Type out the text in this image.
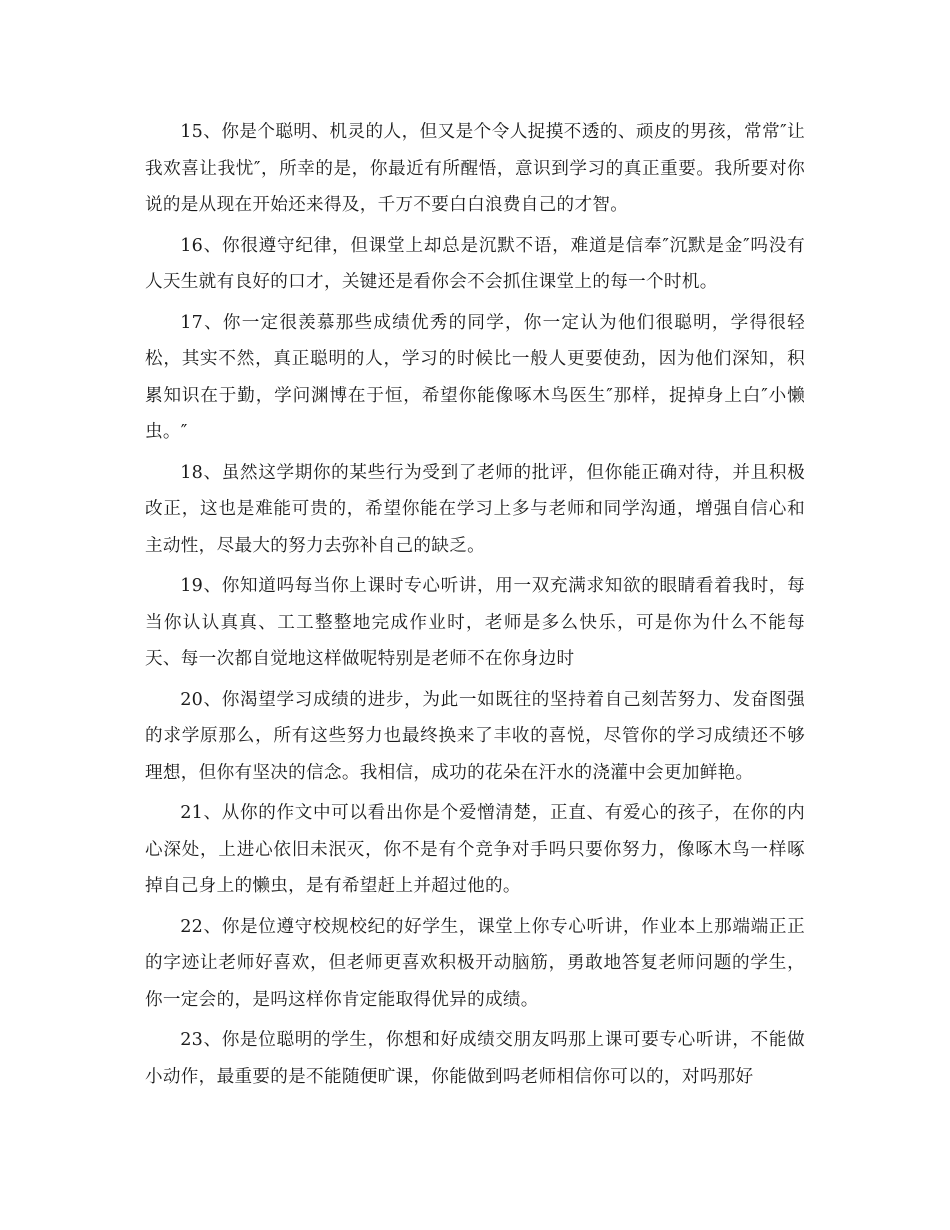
15、你是个聪明、机灵的人，但又是个令人捉摸不透的、顽皮的男孩，常常″让我欢喜让我忧″，所幸的是，你最近有所醒悟，意识到学习的真正重要。我所要对你说的是从现在开始还来得及，千万不要白白浪费自己的才智。

16、你很遵守纪律，但课堂上却总是沉默不语，难道是信奉″沉默是金″吗没有人天生就有良好的口才，关键还是看你会不会抓住课堂上的每一个时机。

17、你一定很羡慕那些成绩优秀的同学，你一定认为他们很聪明，学得很轻松，其实不然，真正聪明的人，学习的时候比一般人更要使劲，因为他们深知，积累知识在于勤，学问渊博在于恒，希望你能像啄木鸟医生″那样，捉掉身上白″小懒虫。″

18、虽然这学期你的某些行为受到了老师的批评，但你能正确对待，并且积极改正，这也是难能可贵的，希望你能在学习上多与老师和同学沟通，增强自信心和主动性，尽最大的努力去弥补自己的缺乏。

19、你知道吗每当你上课时专心听讲，用一双充满求知欲的眼睛看着我时，每当你认认真真、工工整整地完成作业时，老师是多么快乐，可是你为什么不能每天、每一次都自觉地这样做呢特别是老师不在你身边时

20、你渴望学习成绩的进步，为此一如既往的坚持着自己刻苦努力、发奋图强的求学原那么，所有这些努力也最终换来了丰收的喜悦，尽管你的学习成绩还不够理想，但你有坚决的信念。我相信，成功的花朵在汗水的浇灌中会更加鲜艳。

21、从你的作文中可以看出你是个爱憎清楚，正直、有爱心的孩子，在你的内心深处，上进心依旧未泯灭，你不是有个竞争对手吗只要你努力，像啄木鸟一样啄掉自己身上的懒虫，是有希望赶上并超过他的。

22、你是位遵守校规校纪的好学生，课堂上你专心听讲，作业本上那端端正正的字迹让老师好喜欢，但老师更喜欢积极开动脑筋，勇敢地答复老师问题的学生，你一定会的，是吗这样你肯定能取得优异的成绩。

23、你是位聪明的学生，你想和好成绩交朋友吗那上课可要专心听讲，不能做小动作，最重要的是不能随便旷课，你能做到吗老师相信你可以的，对吗那好
